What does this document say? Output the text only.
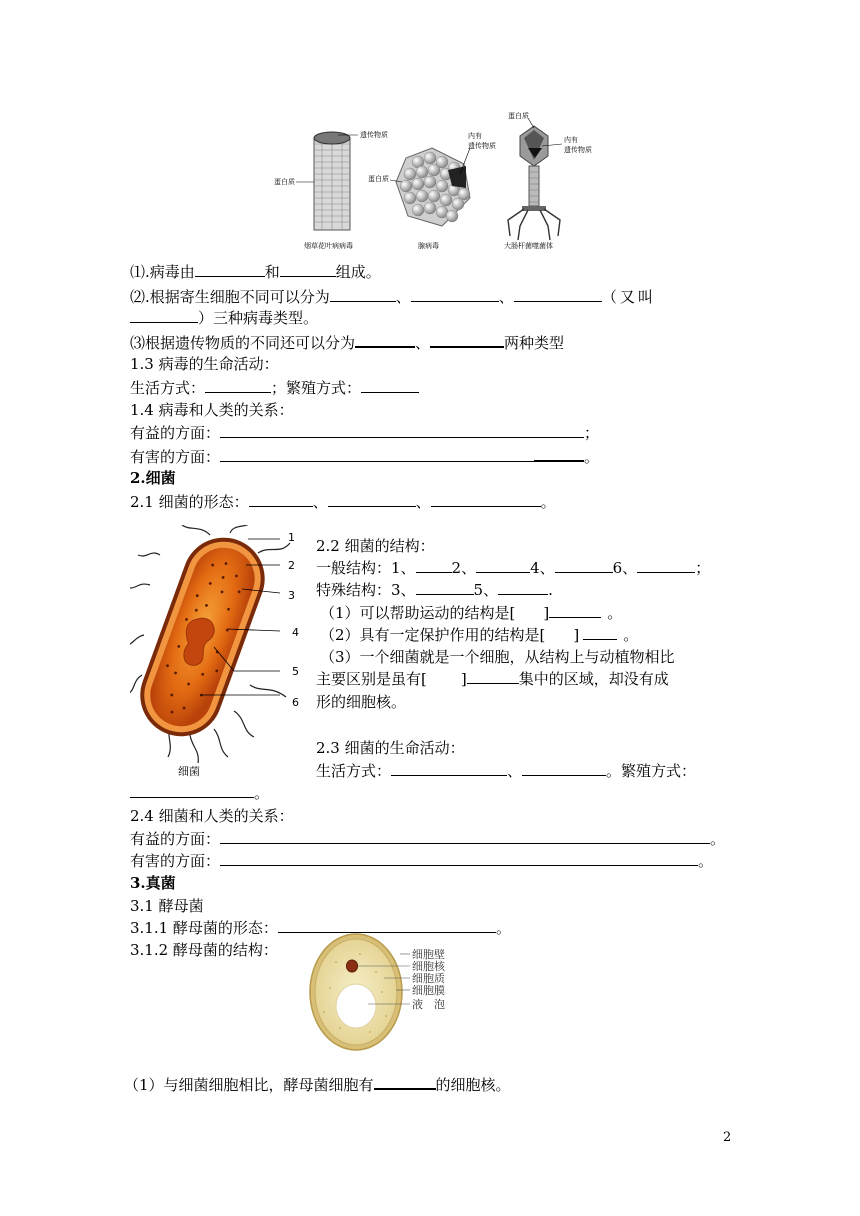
遗传物质
蛋白质
烟草花叶病病毒
内有
遗传物质
蛋白质
腺病毒
蛋白质
内有
遗传物质
大肠杆菌噬菌体
⑴.病毒由	和	组成。
⑵.根据寄生细胞不同可以分为	、	、	（又叫
）三种病毒类型。
⑶根据遗传物质的不同还可以分为	、	两种类型
1.3 病毒的生命活动：
生活方式：	；繁殖方式：
1.4 病毒和人类的关系：
有益的方面：	；
有害的方面：	。
2.细菌
2.1 细菌的形态：	、	、	。
1
2
3
4
5
6
细菌
2.2 细菌的结构：
一般结构：1、 2、	4、	6、	；
特殊结构：3、	5、	.
（1）可以帮助运动的结构是[ ]	。
（2）具有一定保护作用的结构是[ ]	。
（3）一个细菌就是一个细胞，从结构上与动植物相比
主要区别是虽有[ ]	集中的区域，却没有成
形的细胞核。
2.3 细菌的生命活动：
生活方式：	、	。繁殖方式：
。
2.4 细菌和人类的关系：
有益的方面：	。
有害的方面：	。
3.真菌
3.1 酵母菌
3.1.1 酵母菌的形态：	。
3.1.2 酵母菌的结构：	细胞壁
细胞核
细胞质
细胞膜
液　泡
（1）与细菌细胞相比，酵母菌细胞有	的细胞核。
2
